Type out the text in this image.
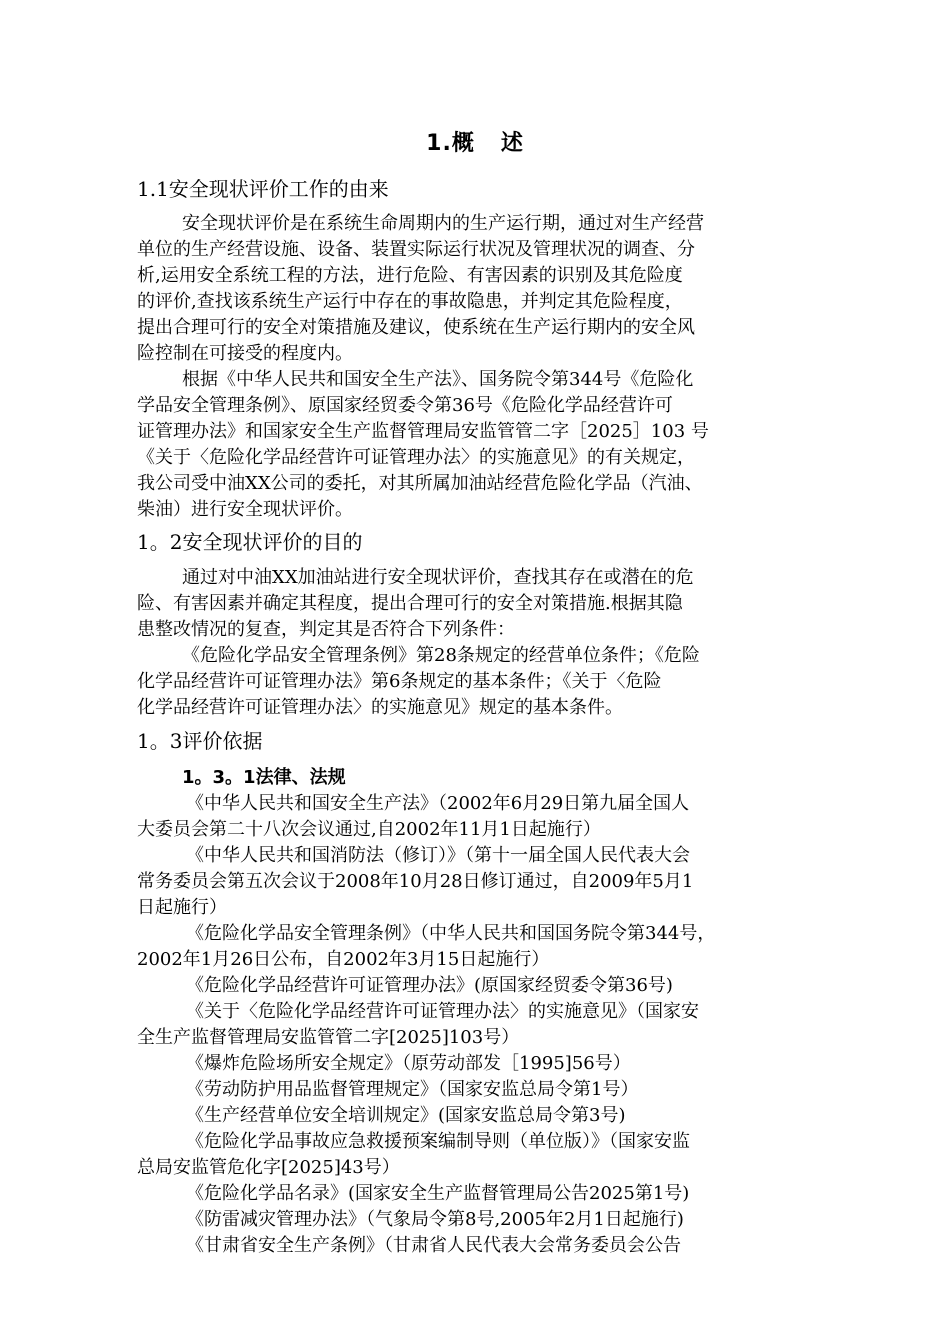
1.概 述
1.1安全现状评价工作的由来
安全现状评价是在系统生命周期内的生产运行期，通过对生产经营
单位的生产经营设施、设备、装置实际运行状况及管理状况的调查、分
析,运用安全系统工程的方法，进行危险、有害因素的识别及其危险度
的评价,查找该系统生产运行中存在的事故隐患，并判定其危险程度，
提出合理可行的安全对策措施及建议，使系统在生产运行期内的安全风
险控制在可接受的程度内。
根据《中华人民共和国安全生产法》、国务院令第344号《危险化
学品安全管理条例》、原国家经贸委令第36号《危险化学品经营许可
证管理办法》和国家安全生产监督管理局安监管管二字［2025］103 号
《关于〈危险化学品经营许可证管理办法〉的实施意见》的有关规定，
我公司受中油XX公司的委托，对其所属加油站经营危险化学品（汽油、
柴油）进行安全现状评价。
1。2安全现状评价的目的
通过对中油XX加油站进行安全现状评价，查找其存在或潜在的危
险、有害因素并确定其程度，提出合理可行的安全对策措施.根据其隐
患整改情况的复查，判定其是否符合下列条件：
《危险化学品安全管理条例》第28条规定的经营单位条件；《危险
化学品经营许可证管理办法》第6条规定的基本条件；《关于〈危险
化学品经营许可证管理办法〉的实施意见》规定的基本条件。
1。3评价依据
1。3。1法律、法规
《中华人民共和国安全生产法》（2002年6月29日第九届全国人
大委员会第二十八次会议通过,自2002年11月1日起施行）
《中华人民共和国消防法（修订）》（第十一届全国人民代表大会
常务委员会第五次会议于2008年10月28日修订通过，自2009年5月1
日起施行）
《危险化学品安全管理条例》（中华人民共和国国务院令第344号，
2002年1月26日公布，自2002年3月15日起施行）
《危险化学品经营许可证管理办法》(原国家经贸委令第36号)
《关于〈危险化学品经营许可证管理办法〉的实施意见》（国家安
全生产监督管理局安监管管二字[2025]103号）
《爆炸危险场所安全规定》（原劳动部发［1995]56号）
《劳动防护用品监督管理规定》（国家安监总局令第1号）
《生产经营单位安全培训规定》(国家安监总局令第3号)
《危险化学品事故应急救援预案编制导则（单位版）》（国家安监
总局安监管危化字[2025]43号）
《危险化学品名录》(国家安全生产监督管理局公告2025第1号)
《防雷减灾管理办法》（气象局令第8号,2005年2月1日起施行)
《甘肃省安全生产条例》（甘肃省人民代表大会常务委员会公告
